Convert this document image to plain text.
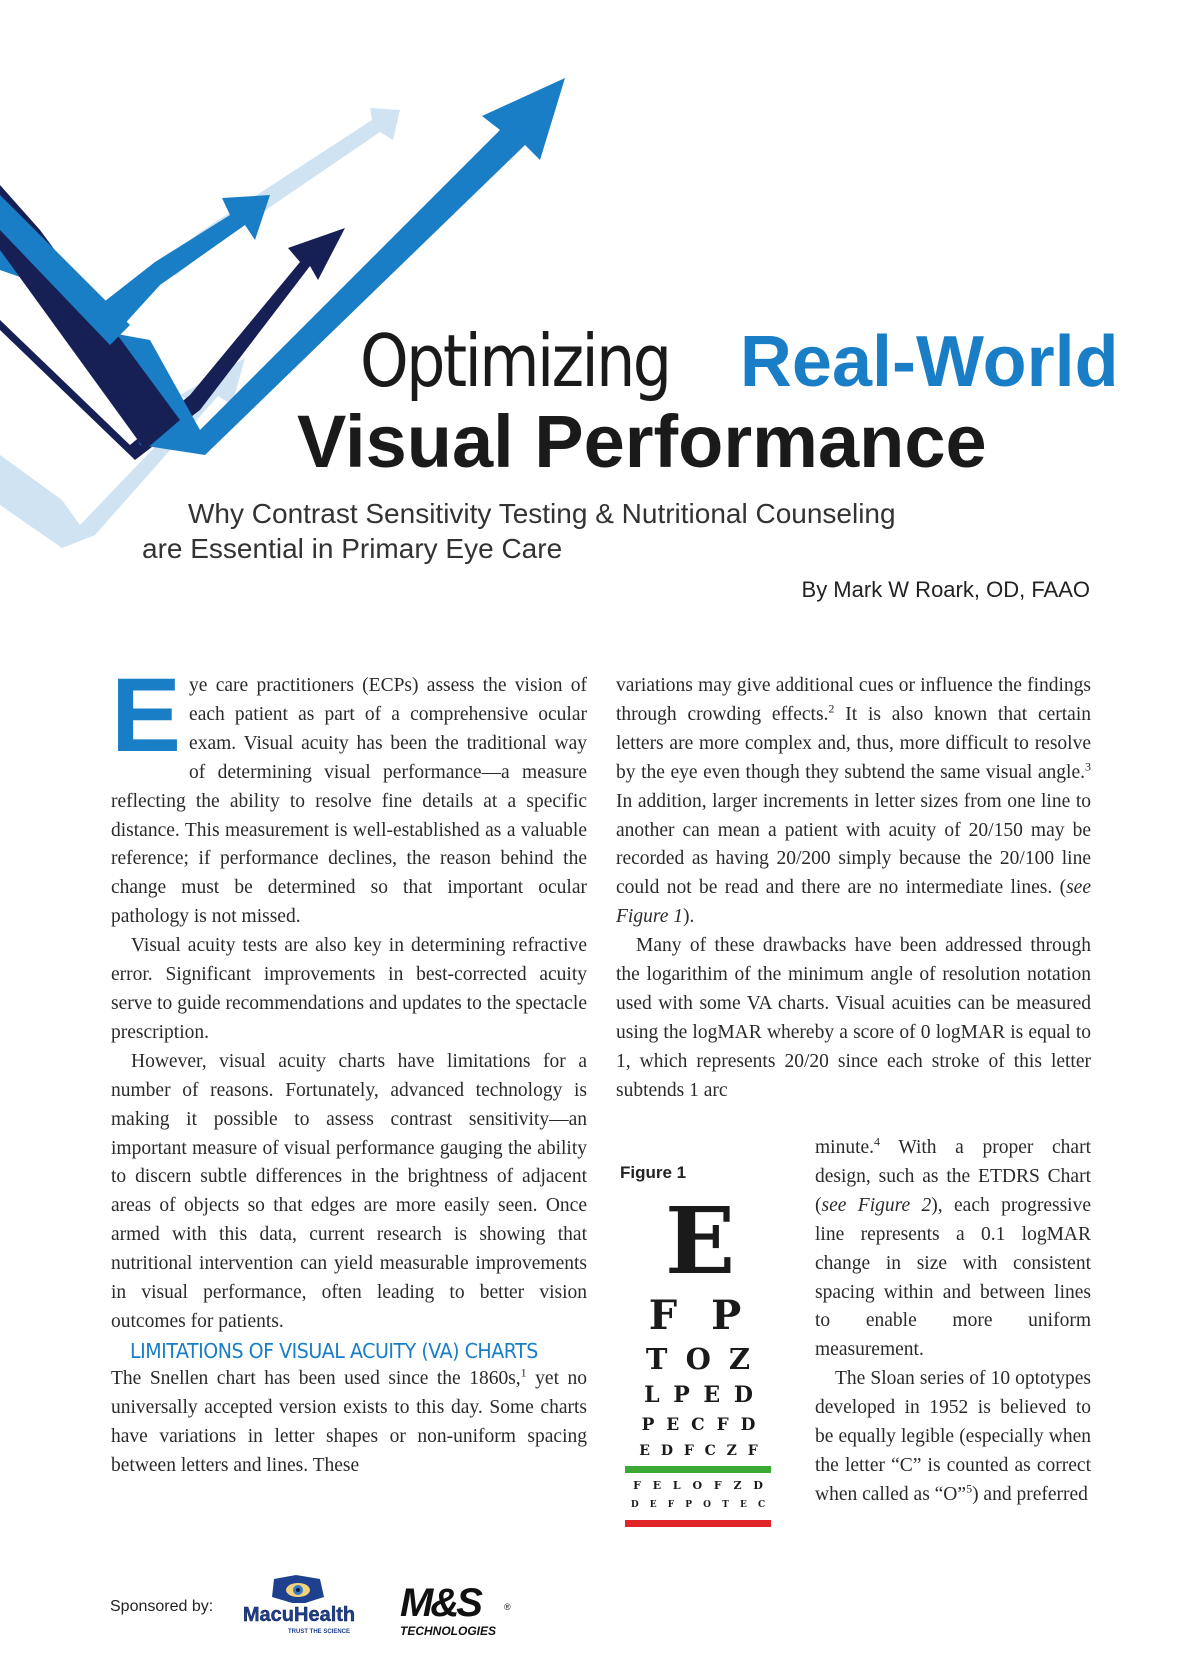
Optimizing Real-World
Visual Performance
Why Contrast Sensitivity Testing & Nutritional Counseling
are Essential in Primary Eye Care
By Mark W Roark, OD, FAAO

Eye care practitioners (ECPs) assess the vision of each patient as part of a comprehensive ocular exam. Visual acuity has been the traditional way of determining visual performance—a measure reflecting the ability to resolve fine details at a specific distance. This measurement is well-established as a valuable reference; if performance declines, the reason behind the change must be determined so that important ocular pathology is not missed.

Visual acuity tests are also key in determining refractive error. Significant improvements in best-corrected acuity serve to guide recommendations and updates to the spectacle prescription.

However, visual acuity charts have limitations for a number of reasons. Fortunately, advanced technology is making it possible to assess contrast sensitivity—an important measure of visual performance gauging the ability to discern subtle differences in the brightness of adjacent areas of objects so that edges are more easily seen. Once armed with this data, current research is showing that nutritional intervention can yield measurable improvements in visual performance, often leading to better vision outcomes for patients.

LIMITATIONS OF VISUAL ACUITY (VA) CHARTS

The Snellen chart has been used since the 1860s,$^1$ yet no universally accepted version exists to this day. Some charts have variations in letter shapes or non-uniform spacing between letters and lines. These

variations may give additional cues or influence the findings through crowding effects.$^2$ It is also known that certain letters are more complex and, thus, more difficult to resolve by the eye even though they subtend the same visual angle.$^3$ In addition, larger increments in letter sizes from one line to another can mean a patient with acuity of 20/150 may be recorded as having 20/200 simply because the 20/100 line could not be read and there are no intermediate lines. (see Figure 1).

Many of these drawbacks have been addressed through the logarithim of the minimum angle of resolution notation used with some VA charts. Visual acuities can be measured using the logMAR whereby a score of 0 logMAR is equal to 1, which represents 20/20 since each stroke of this letter subtends 1 arc

Figure 1
E
F P
T O Z
L P E D
P E C F D
E D F C Z F
F E L O F Z D
D E F P O T E C

minute.$^4$ With a proper chart design, such as the ETDRS Chart (see Figure 2), each progressive line represents a 0.1 logMAR change in size with consistent spacing within and between lines to enable more uniform measurement.

The Sloan series of 10 optotypes developed in 1952 is believed to be equally legible (especially when the letter “C” is counted as correct when called as “O”$^5$) and preferred

Sponsored by: MacuHealth
TRUST THE SCIENCE
M&S	®
TECHNOLOGIES
